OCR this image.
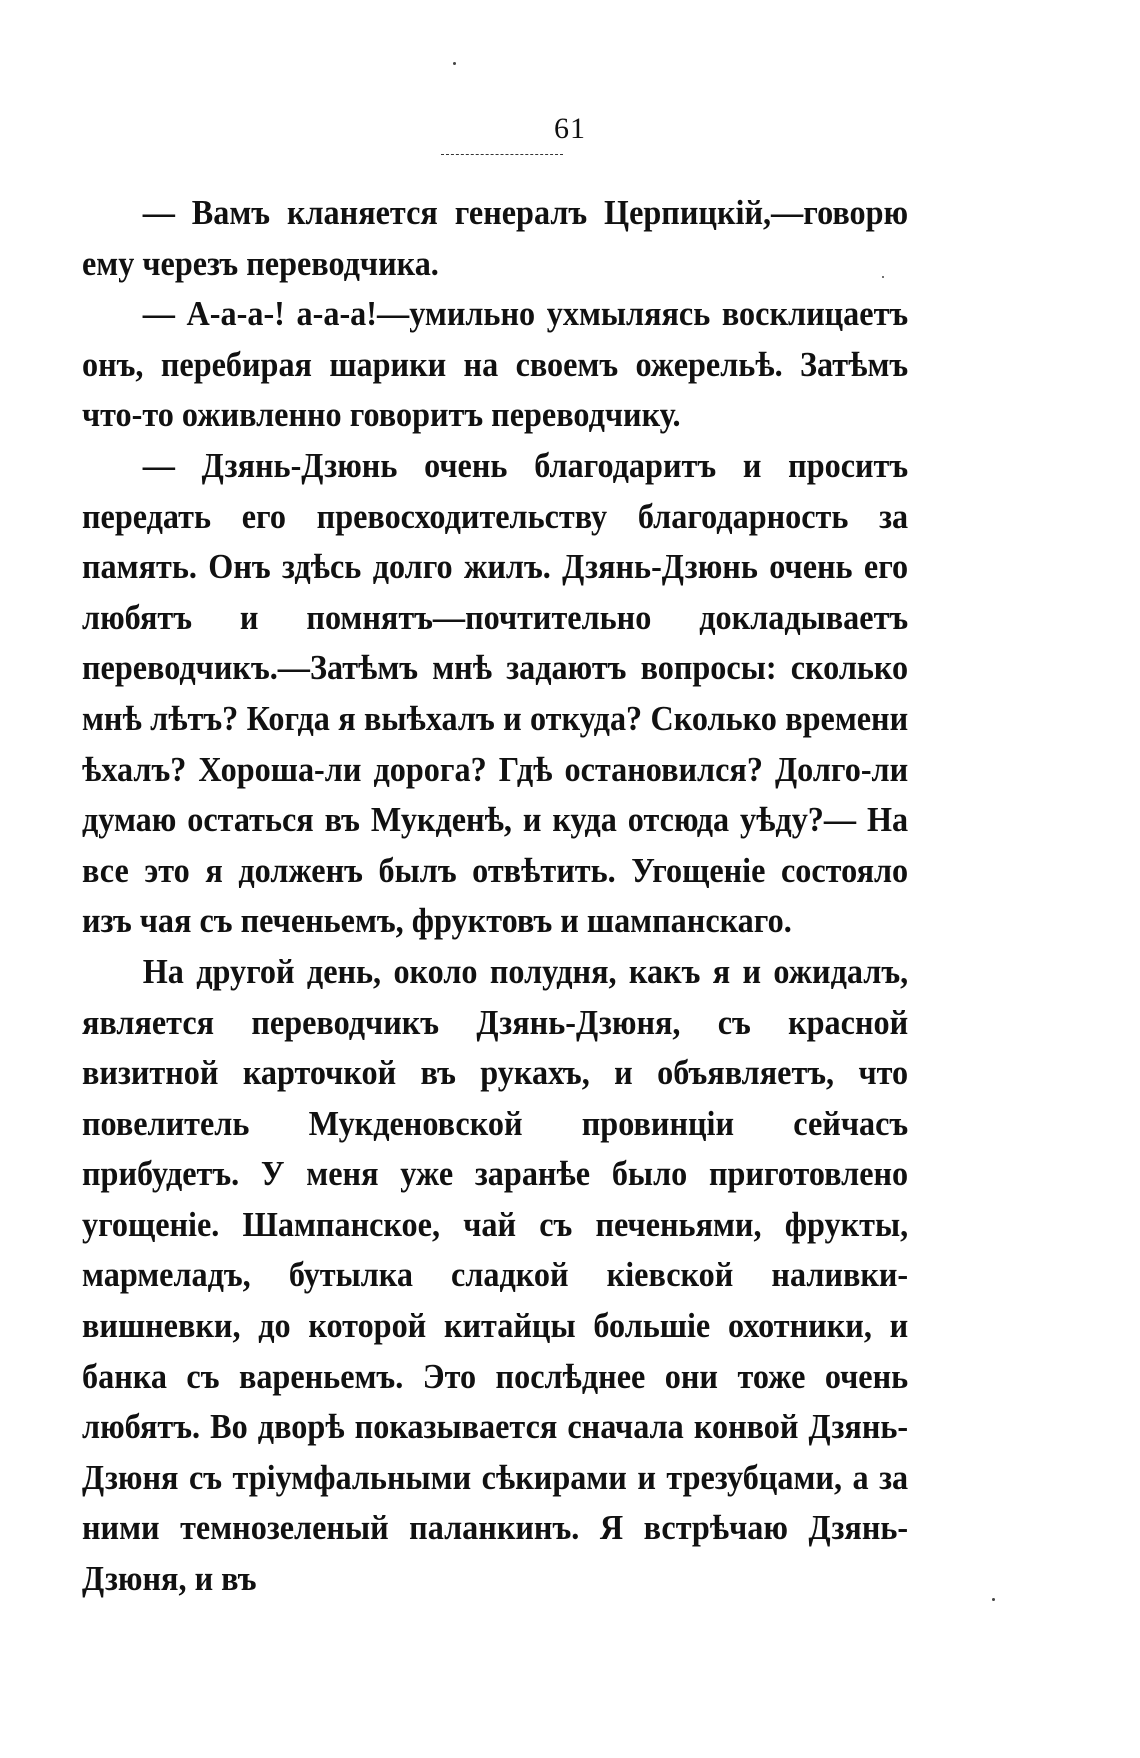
61

— Вамъ кланяется генералъ Церпицкій,—говорю ему черезъ переводчика.

— А-а-а-! а-а-а!—умильно ухмыляясь восклицаетъ онъ, перебирая шарики на своемъ ожерельѣ. Затѣмъ что-то оживленно говоритъ переводчику.

— Дзянь-Дзюнь очень благодаритъ и проситъ передать его превосходительству благодарность за память. Онъ здѣсь долго жилъ. Дзянь-Дзюнь очень его любятъ и помнятъ—почтительно докладываетъ переводчикъ.—Затѣмъ мнѣ задаютъ вопросы: сколько мнѣ лѣтъ? Когда я выѣхалъ и откуда? Сколько времени ѣхалъ? Хороша-ли дорога? Гдѣ остановился? Долго-ли думаю остаться въ Мукденѣ, и куда отсюда уѣду?— На все это я долженъ былъ отвѣтить. Угощеніе состояло изъ чая съ печеньемъ, фруктовъ и шампанскаго.

На другой день, около полудня, какъ я и ожидалъ, является переводчикъ Дзянь-Дзюня, съ красной визитной карточкой въ рукахъ, и объявляетъ, что повелитель Мукденовской провинціи сейчасъ прибудетъ. У меня уже заранѣе было приготовлено угощеніе. Шампанское, чай съ печеньями, фрукты, мармеладъ, бутылка сладкой кіевской наливки-вишневки, до которой китайцы большіе охотники, и банка съ вареньемъ. Это послѣднее они тоже очень любятъ. Во дворѣ показывается сначала конвой Дзянь-Дзюня съ тріумфальными сѣкирами и трезубцами, а за ними темнозеленый паланкинъ. Я встрѣчаю Дзянь-Дзюня, и въ
